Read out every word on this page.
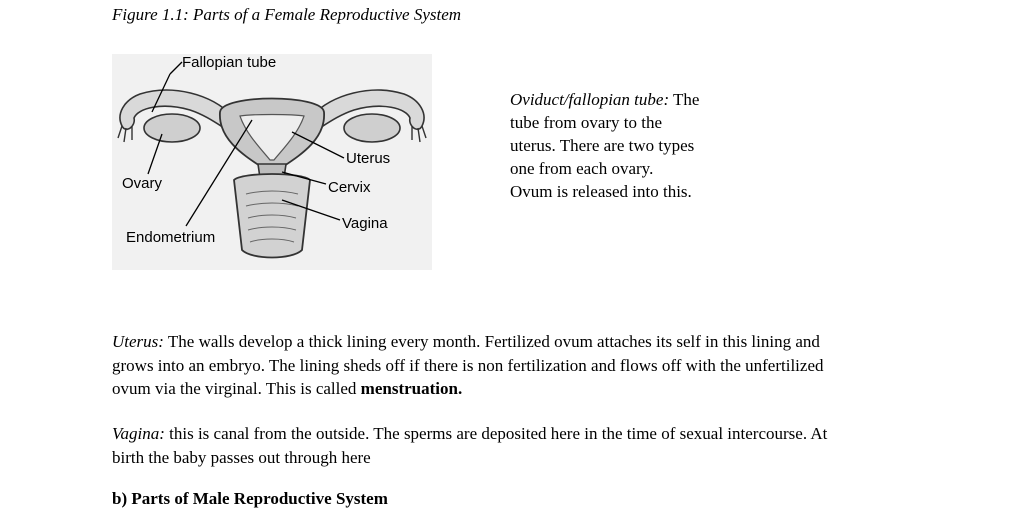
Figure 1.1: Parts of a Female Reproductive System

Fallopian tube
Uterus
Ovary	Cervix
Vagina
Endometrium

Oviduct/fallopian tube: The tube from ovary to the uterus. There are two types one from each ovary. Ovum is released into this.

Uterus: The walls develop a thick lining every month. Fertilized ovum attaches its self in this lining and grows into an embryo. The lining sheds off if there is non fertilization and flows off with the unfertilized ovum via the virginal. This is called menstruation.

Vagina: this is canal from the outside. The sperms are deposited here in the time of sexual intercourse. At birth the baby passes out through here

b) Parts of Male Reproductive System
